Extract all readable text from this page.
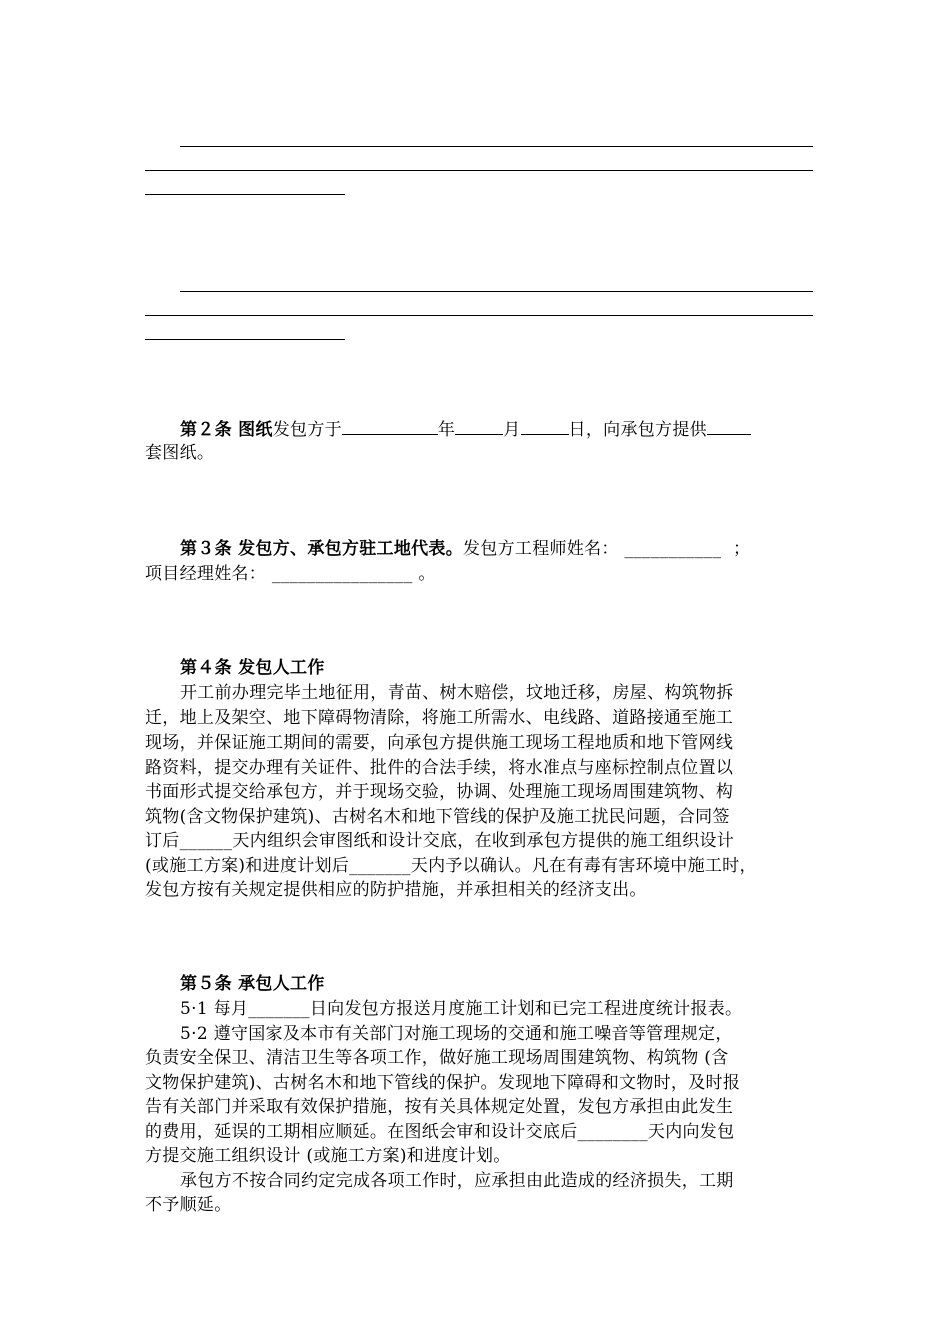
第２条 图纸发包方于	年	月	日，向承包方提供
套图纸。
第３条 发包方、承包方驻工地代表。发包方工程师姓名： ___________ ；
项目经理姓名： ________________ 。
第４条 发包人工作
开工前办理完毕土地征用，青苗、树木赔偿，坟地迁移，房屋、构筑物拆
迁，地上及架空、地下障碍物清除，将施工所需水、电线路、道路接通至施工
现场，并保证施工期间的需要，向承包方提供施工现场工程地质和地下管网线
路资料，提交办理有关证件、批件的合法手续，将水准点与座标控制点位置以
书面形式提交给承包方，并于现场交验，协调、处理施工现场周围建筑物、构
筑物(含文物保护建筑)、古树名木和地下管线的保护及施工扰民问题，合同签
订后______天内组织会审图纸和设计交底，在收到承包方提供的施工组织设计
(或施工方案)和进度计划后_______天内予以确认。凡在有毒有害环境中施工时，
发包方按有关规定提供相应的防护措施，并承担相关的经济支出。
第５条 承包人工作
5·1 每月_______日向发包方报送月度施工计划和已完工程进度统计报表。
5·2 遵守国家及本市有关部门对施工现场的交通和施工噪音等管理规定，
负责安全保卫、清洁卫生等各项工作，做好施工现场周围建筑物、构筑物 (含
文物保护建筑)、古树名木和地下管线的保护。发现地下障碍和文物时，及时报
告有关部门并采取有效保护措施，按有关具体规定处置，发包方承担由此发生
的费用，延误的工期相应顺延。在图纸会审和设计交底后________天内向发包
方提交施工组织设计 (或施工方案)和进度计划。
承包方不按合同约定完成各项工作时，应承担由此造成的经济损失，工期
不予顺延。
